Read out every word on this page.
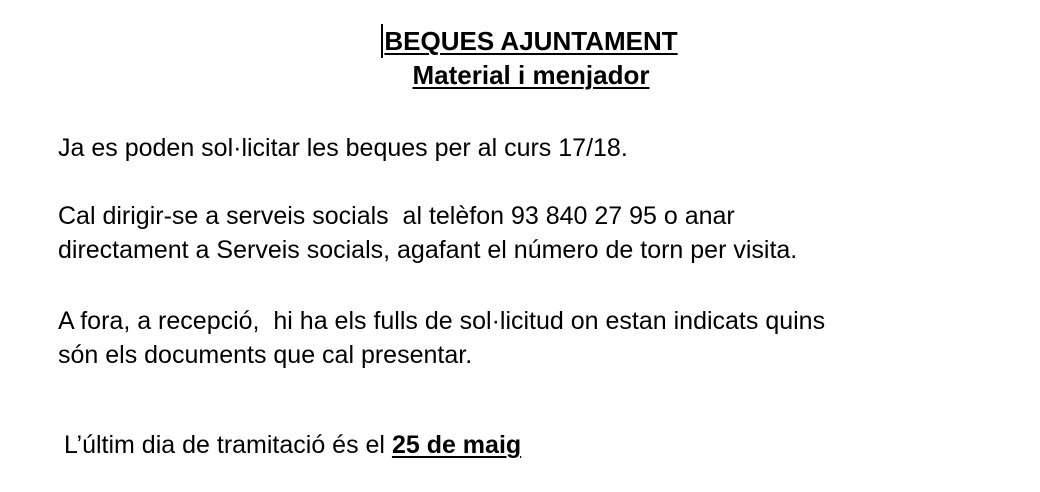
BEQUES AJUNTAMENT
Material i menjador

Ja es poden sol·licitar les beques per al curs 17/18.

Cal dirigir-se a serveis socials  al telèfon 93 840 27 95 o anar
directament a Serveis socials, agafant el número de torn per visita.

A fora, a recepció,  hi ha els fulls de sol·licitud on estan indicats quins
són els documents que cal presentar.

L’últim dia de tramitació és el 25 de maig
